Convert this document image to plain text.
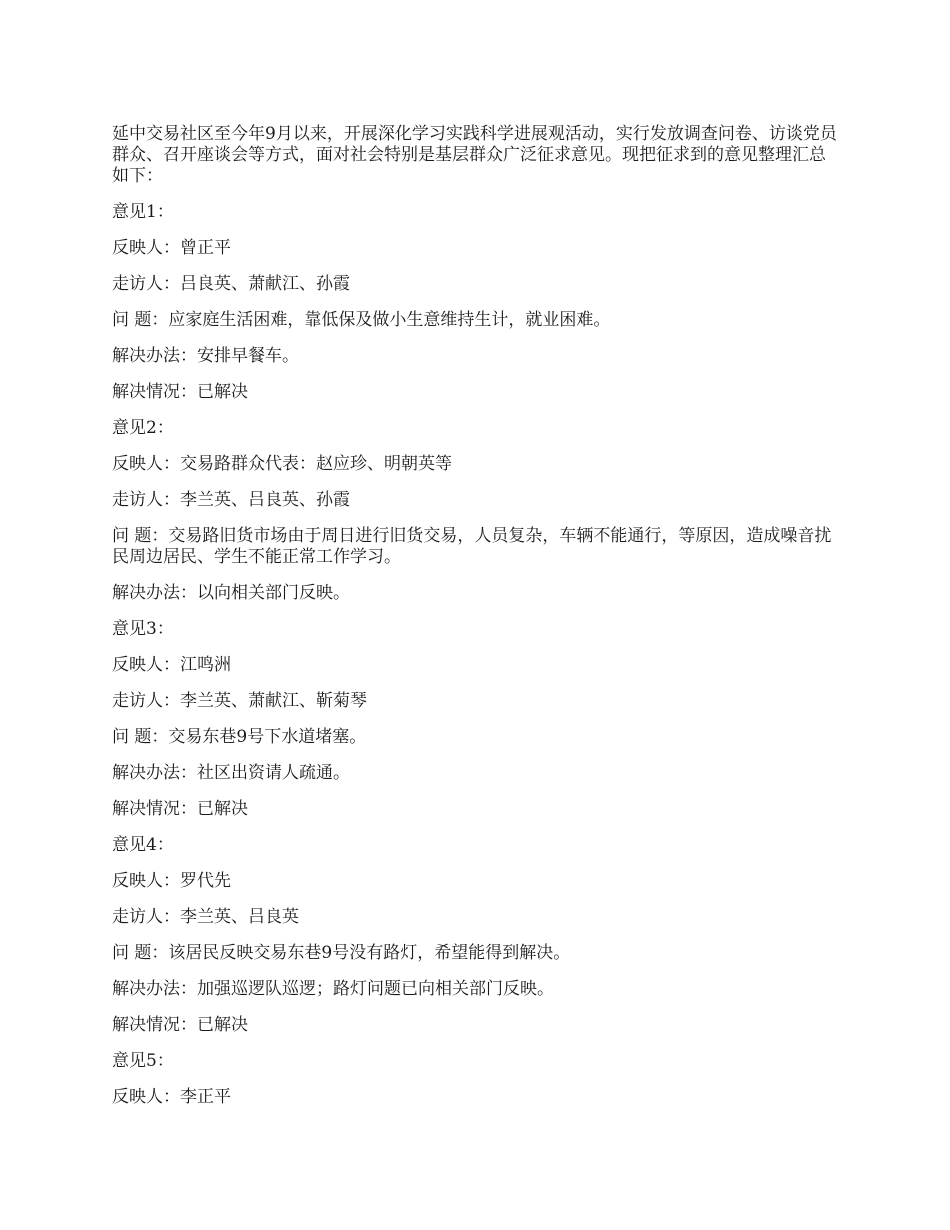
延中交易社区至今年9月以来，开展深化学习实践科学进展观活动，实行发放调查问卷、访谈党员群众、召开座谈会等方式，面对社会特别是基层群众广泛征求意见。现把征求到的意见整理汇总如下：

意见1：

反映人：曾正平

走访人：吕良英、萧献江、孙霞

问 题：应家庭生活困难，靠低保及做小生意维持生计，就业困难。

解决办法：安排早餐车。

解决情况：已解决

意见2：

反映人：交易路群众代表：赵应珍、明朝英等

走访人：李兰英、吕良英、孙霞

问 题：交易路旧货市场由于周日进行旧货交易，人员复杂，车辆不能通行，等原因，造成噪音扰民周边居民、学生不能正常工作学习。

解决办法：以向相关部门反映。

意见3：

反映人：江鸣洲

走访人：李兰英、萧献江、靳菊琴

问 题：交易东巷9号下水道堵塞。

解决办法：社区出资请人疏通。

解决情况：已解决

意见4：

反映人：罗代先

走访人：李兰英、吕良英

问 题：该居民反映交易东巷9号没有路灯，希望能得到解决。

解决办法：加强巡逻队巡逻；路灯问题已向相关部门反映。

解决情况：已解决

意见5：

反映人：李正平
